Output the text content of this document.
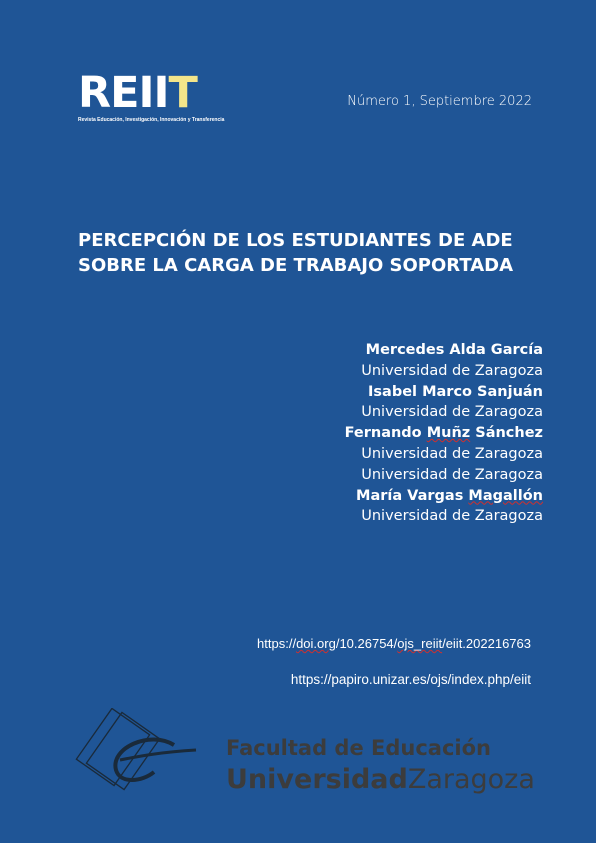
REIIT
Revista Educación, Investigación, Innovación y Transferencia
Número 1, Septiembre 2022
PERCEPCIÓN DE LOS ESTUDIANTES DE ADE
SOBRE LA CARGA DE TRABAJO SOPORTADA
Mercedes Alda García
Universidad de Zaragoza
Isabel Marco Sanjuán
Universidad de Zaragoza
Fernando Muñz Sánchez
Universidad de Zaragoza
Universidad de Zaragoza
María Vargas Magallón
Universidad de Zaragoza
https://doi.org/10.26754/ojs_reiit/eiit.202216763
https://papiro.unizar.es/ojs/index.php/eiit
Facultad de Educación
UniversidadZaragoza
